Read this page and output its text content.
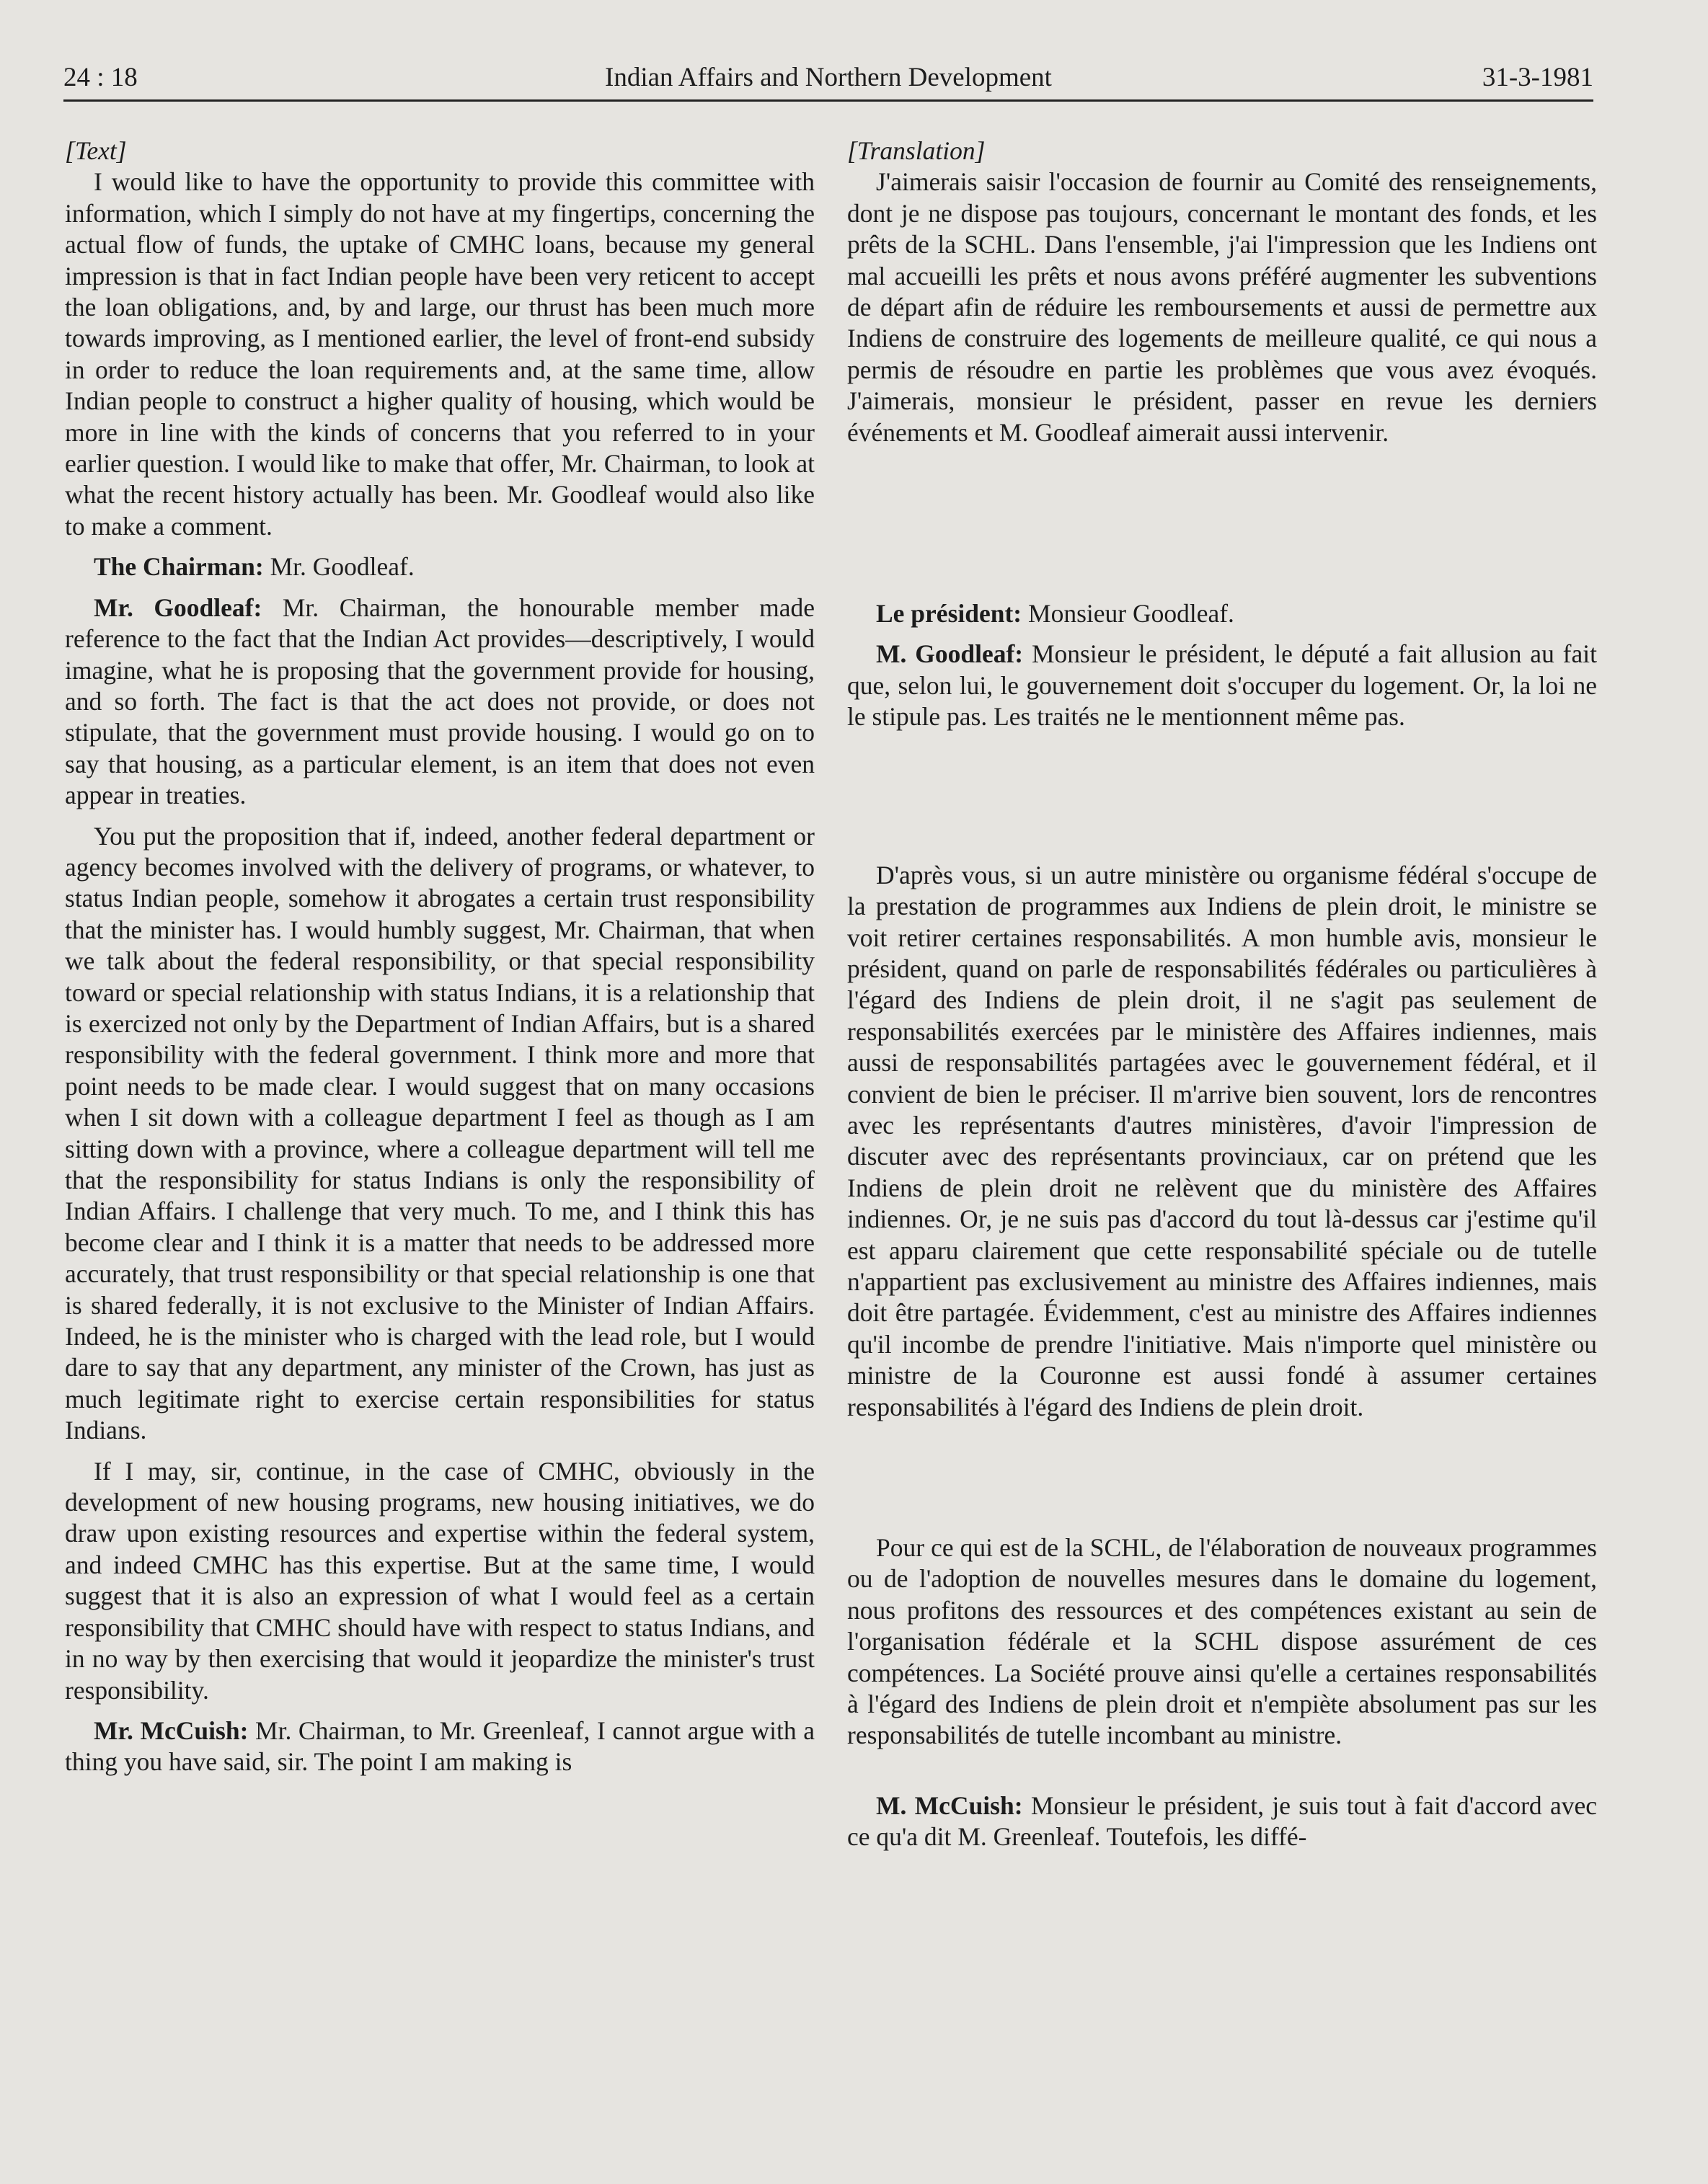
24 : 18	Indian Affairs and Northern Development	31-3-1981

[Text]

I would like to have the opportunity to provide this committee with information, which I simply do not have at my fingertips, concerning the actual flow of funds, the uptake of CMHC loans, because my general impression is that in fact Indian people have been very reticent to accept the loan obligations, and, by and large, our thrust has been much more towards improving, as I mentioned earlier, the level of front-end subsidy in order to reduce the loan requirements and, at the same time, allow Indian people to construct a higher quality of housing, which would be more in line with the kinds of concerns that you referred to in your earlier question. I would like to make that offer, Mr. Chairman, to look at what the recent history actually has been. Mr. Goodleaf would also like to make a comment.

The Chairman: Mr. Goodleaf.

Mr. Goodleaf: Mr. Chairman, the honourable member made reference to the fact that the Indian Act provides—descriptively, I would imagine, what he is proposing that the government provide for housing, and so forth. The fact is that the act does not provide, or does not stipulate, that the government must provide housing. I would go on to say that housing, as a particular element, is an item that does not even appear in treaties.

You put the proposition that if, indeed, another federal department or agency becomes involved with the delivery of programs, or whatever, to status Indian people, somehow it abrogates a certain trust responsibility that the minister has. I would humbly suggest, Mr. Chairman, that when we talk about the federal responsibility, or that special responsibility toward or special relationship with status Indians, it is a relationship that is exercized not only by the Department of Indian Affairs, but is a shared responsibility with the federal government. I think more and more that point needs to be made clear. I would suggest that on many occasions when I sit down with a colleague department I feel as though as I am sitting down with a province, where a colleague department will tell me that the responsibility for status Indians is only the responsibility of Indian Affairs. I challenge that very much. To me, and I think this has become clear and I think it is a matter that needs to be addressed more accurately, that trust responsibility or that special relationship is one that is shared federally, it is not exclusive to the Minister of Indian Affairs. Indeed, he is the minister who is charged with the lead role, but I would dare to say that any department, any minister of the Crown, has just as much legitimate right to exercise certain responsibilities for status Indians.

If I may, sir, continue, in the case of CMHC, obviously in the development of new housing programs, new housing initiatives, we do draw upon existing resources and expertise within the federal system, and indeed CMHC has this expertise. But at the same time, I would suggest that it is also an expression of what I would feel as a certain responsibility that CMHC should have with respect to status Indians, and in no way by then exercising that would it jeopardize the minister's trust responsibility.

Mr. McCuish: Mr. Chairman, to Mr. Greenleaf, I cannot argue with a thing you have said, sir. The point I am making is

[Translation]

J'aimerais saisir l'occasion de fournir au Comité des renseignements, dont je ne dispose pas toujours, concernant le montant des fonds, et les prêts de la SCHL. Dans l'ensemble, j'ai l'impression que les Indiens ont mal accueilli les prêts et nous avons préféré augmenter les subventions de départ afin de réduire les remboursements et aussi de permettre aux Indiens de construire des logements de meilleure qualité, ce qui nous a permis de résoudre en partie les problèmes que vous avez évoqués. J'aimerais, monsieur le président, passer en revue les derniers événements et M. Goodleaf aimerait aussi intervenir.

Le président: Monsieur Goodleaf.

M. Goodleaf: Monsieur le président, le député a fait allusion au fait que, selon lui, le gouvernement doit s'occuper du logement. Or, la loi ne le stipule pas. Les traités ne le mentionnent même pas.

D'après vous, si un autre ministère ou organisme fédéral s'occupe de la prestation de programmes aux Indiens de plein droit, le ministre se voit retirer certaines responsabilités. A mon humble avis, monsieur le président, quand on parle de responsabilités fédérales ou particulières à l'égard des Indiens de plein droit, il ne s'agit pas seulement de responsabilités exercées par le ministère des Affaires indiennes, mais aussi de responsabilités partagées avec le gouvernement fédéral, et il convient de bien le préciser. Il m'arrive bien souvent, lors de rencontres avec les représentants d'autres ministères, d'avoir l'impression de discuter avec des représentants provinciaux, car on prétend que les Indiens de plein droit ne relèvent que du ministère des Affaires indiennes. Or, je ne suis pas d'accord du tout là-dessus car j'estime qu'il est apparu clairement que cette responsabilité spéciale ou de tutelle n'appartient pas exclusivement au ministre des Affaires indiennes, mais doit être partagée. Évidemment, c'est au ministre des Affaires indiennes qu'il incombe de prendre l'initiative. Mais n'importe quel ministère ou ministre de la Couronne est aussi fondé à assumer certaines responsabilités à l'égard des Indiens de plein droit.

Pour ce qui est de la SCHL, de l'élaboration de nouveaux programmes ou de l'adoption de nouvelles mesures dans le domaine du logement, nous profitons des ressources et des compétences existant au sein de l'organisation fédérale et la SCHL dispose assurément de ces compétences. La Société prouve ainsi qu'elle a certaines responsabilités à l'égard des Indiens de plein droit et n'empiète absolument pas sur les responsabilités de tutelle incombant au ministre.

M. McCuish: Monsieur le président, je suis tout à fait d'accord avec ce qu'a dit M. Greenleaf. Toutefois, les diffé-
